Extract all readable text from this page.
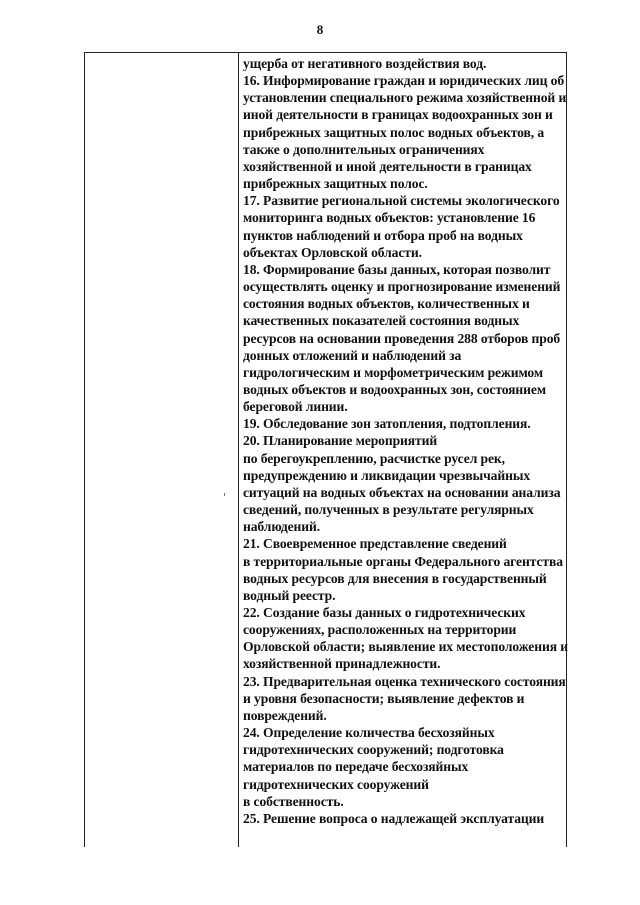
8
ущерба от негативного воздействия вод.
16. Информирование граждан и юридических лиц об
установлении специального режима хозяйственной и
иной деятельности в границах водоохранных зон и
прибрежных защитных полос водных объектов, а
также о дополнительных ограничениях
хозяйственной и иной деятельности в границах
прибрежных защитных полос.
17. Развитие региональной системы экологического
мониторинга водных объектов: установление 16
пунктов наблюдений и отбора проб на водных
объектах Орловской области.
18. Формирование базы данных, которая позволит
осуществлять оценку и прогнозирование изменений
состояния водных объектов, количественных и
качественных показателей состояния водных
ресурсов на основании проведения 288 отборов проб
донных отложений и наблюдений за
гидрологическим и морфометрическим режимом
водных объектов и водоохранных зон, состоянием
береговой линии.
19. Обследование зон затопления, подтопления.
20. Планирование мероприятий
по берегоукреплению, расчистке русел рек,
предупреждению и ликвидации чрезвычайных
ситуаций на водных объектах на основании анализа
сведений, полученных в результате регулярных
наблюдений.
21. Своевременное представление сведений
в территориальные органы Федерального агентства
водных ресурсов для внесения в государственный
водный реестр.
22. Создание базы данных о гидротехнических
сооружениях, расположенных на территории
Орловской области; выявление их местоположения и
хозяйственной принадлежности.
23. Предварительная оценка технического состояния
и уровня безопасности; выявление дефектов и
повреждений.
24. Определение количества бесхозяйных
гидротехнических сооружений; подготовка
материалов по передаче бесхозяйных
гидротехнических сооружений
в собственность.
25. Решение вопроса о надлежащей эксплуатации
